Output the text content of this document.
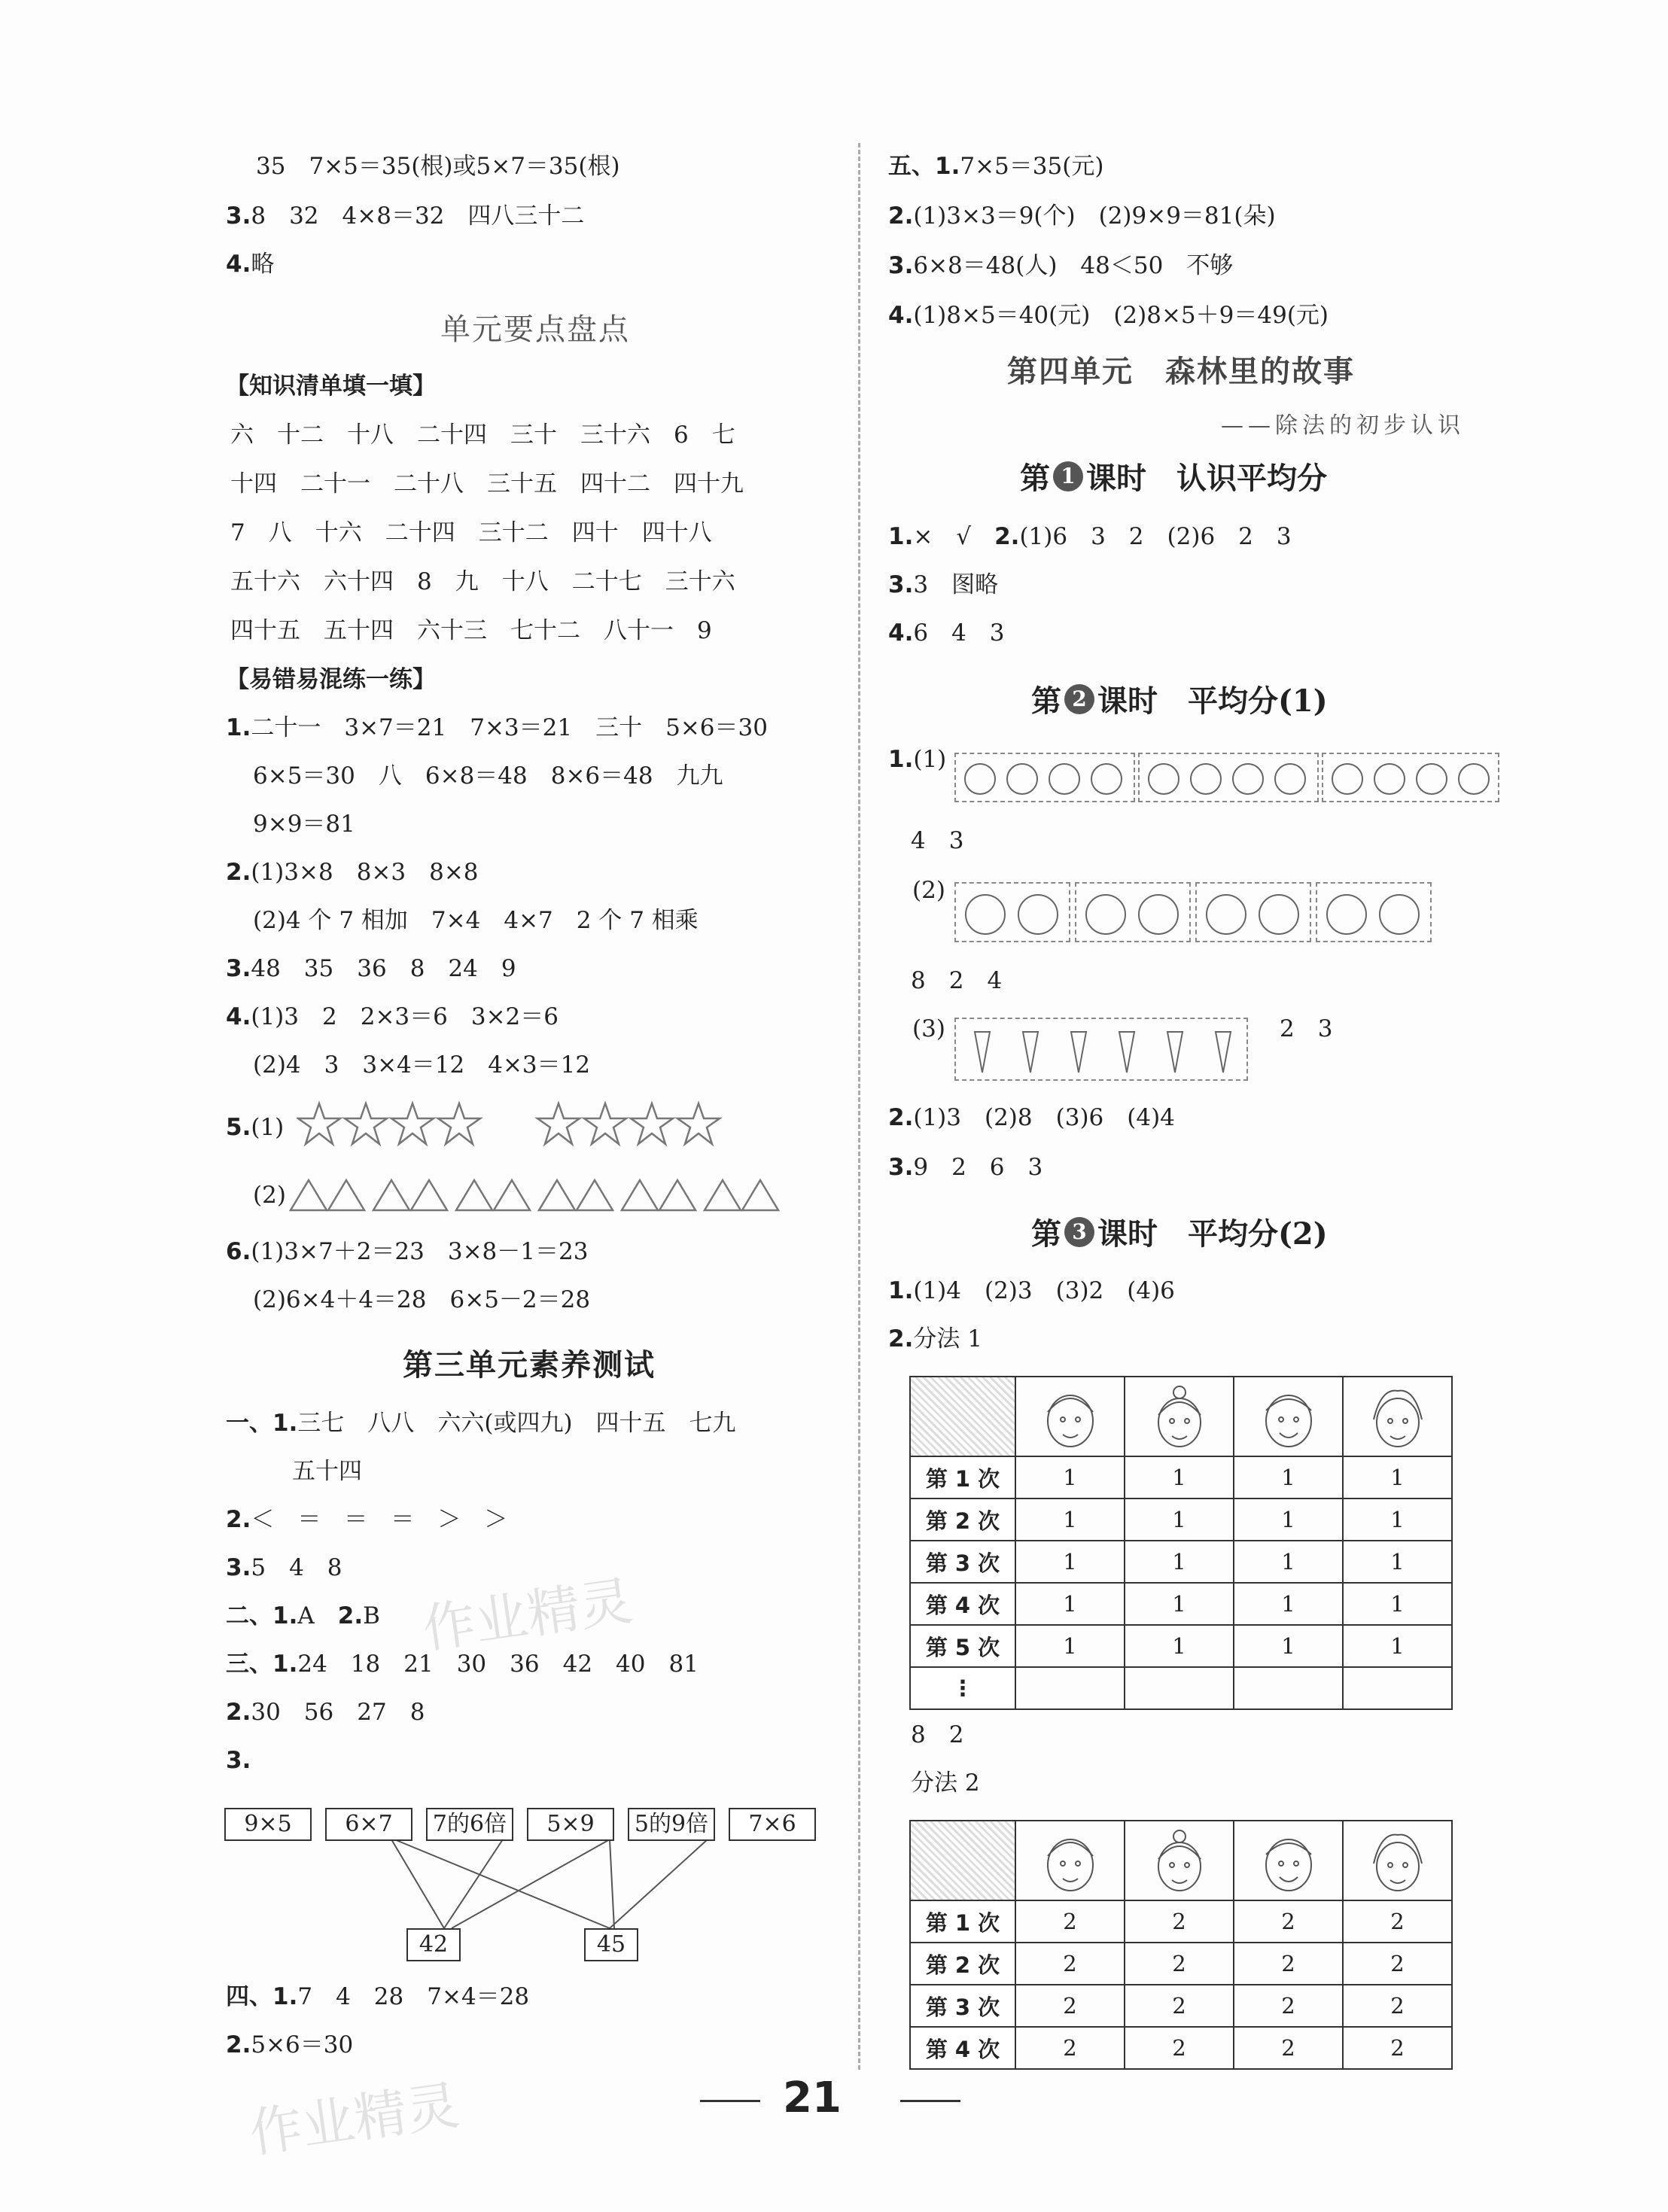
35　7×5＝35(根)或5×7＝35(根)
3.8　32　4×8＝32　四八三十二
4.略
单元要点盘点
【知识清单填一填】
六　十二　十八　二十四　三十　三十六　6　七
十四　二十一　二十八　三十五　四十二　四十九
7　八　十六　二十四　三十二　四十　四十八
五十六　六十四　8　九　十八　二十七　三十六
四十五　五十四　六十三　七十二　八十一　9
【易错易混练一练】
1.二十一　3×7＝21　7×3＝21　三十　5×6＝30
6×5＝30　八　6×8＝48　8×6＝48　九九
9×9＝81
2.(1)3×8　8×3　8×8
(2)4 个 7 相加　7×4　4×7　2 个 7 相乘
3.48　35　36　8　24　9
4.(1)3　2　2×3＝6　3×2＝6
(2)4　3　3×4＝12　4×3＝12
5.(1)
(2)
6.(1)3×7＋2＝23　3×8－1＝23
(2)6×4＋4＝28　6×5－2＝28
第三单元素养测试
一、1.三七　八八　六六(或四九)　四十五　七九
五十四
2.＜　＝　＝　＝　＞　＞
3.5　4　8
二、1.A　 2.B
三、1.24　18　21　30　36　42　40　81
2.30　56　27　8
3.
9×5	6×7	7的6倍	5×9	5的9倍	7×6
42	45
四、1.7　4　28　7×4＝28
2.5×6＝30
五、1.7×5＝35(元)
2.(1)3×3＝9(个)　(2)9×9＝81(朵)
3.6×8＝48(人)　48＜50　不够
4.(1)8×5＝40(元)　(2)8×5＋9＝49(元)
第四单元　 森林里的故事
——除法的初步认识
第 1 课时
　 认识平均分
1.×　√　 2.(1)6　3　2　(2)6　2　3
3.3　图略
4.6　4　3
第 2 课时
　 平均分(1)
1.(1)
4　3
(2)
8　2　4
(3)	2　3
2.(1)3　(2)8　(3)6　(4)4
3.9　2　6　3
第 3 课时
　 平均分(2)
1.(1)4　(2)3　(3)2　(4)6
2.分法 1

第 1 次	1	1	1	1
第 2 次	1	1	1	1
第 3 次	1	1	1	1
第 4 次	1	1	1	1
第 5 次	1	1	1	1
⋮				
8　2
分法 2

第 1 次	2	2	2	2
第 2 次	2	2	2	2
第 3 次	2	2	2	2
第 4 次	2	2	2	2
作业精灵
作业精灵	21
